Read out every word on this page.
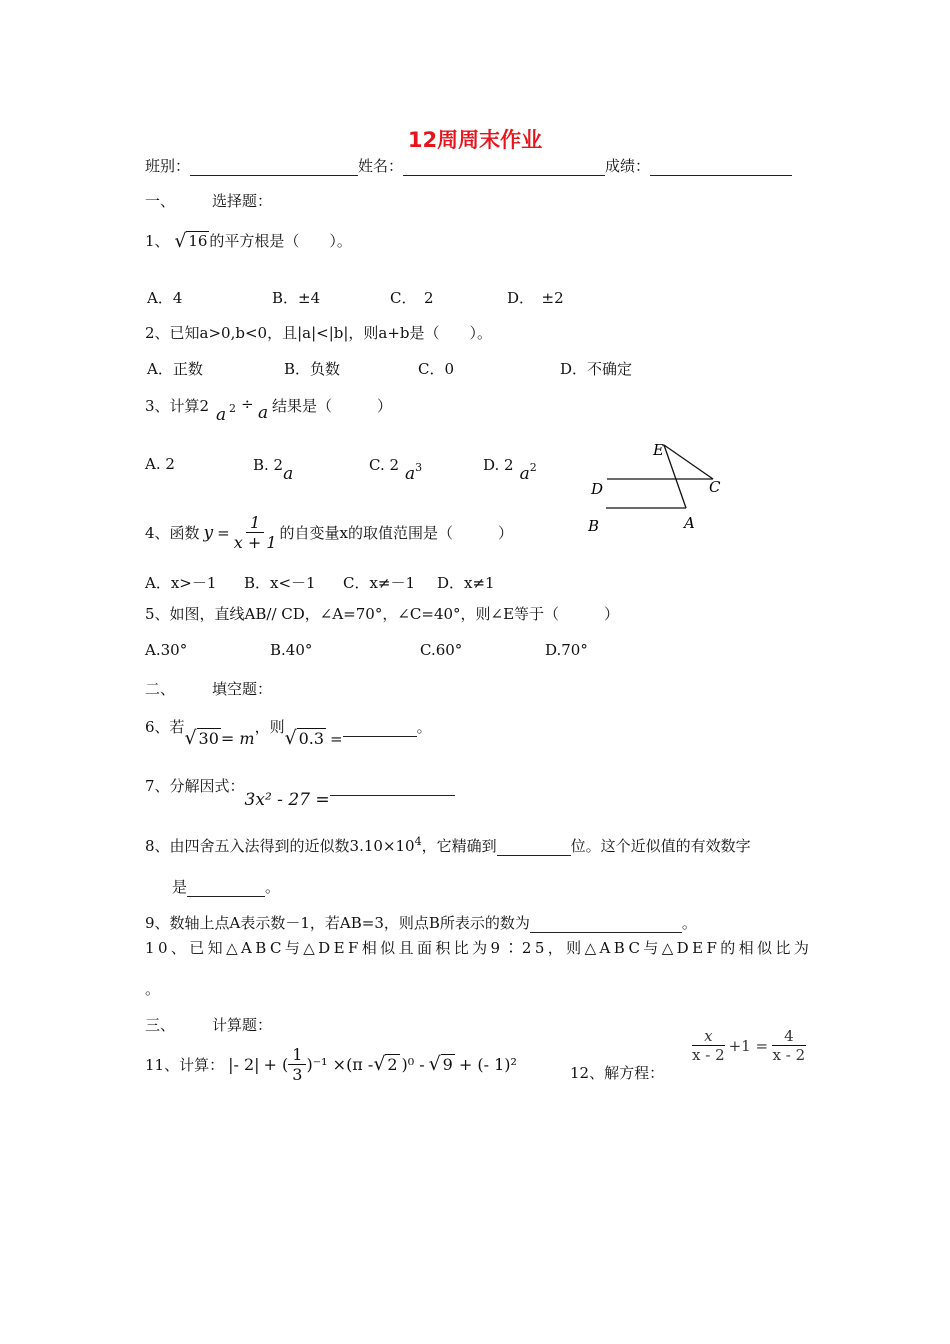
12周周末作业
班别：	姓名：	成绩：
一、 选择题：
1、 √ 16 的平方根是（　　）。
A．4	B．±4	C．　2	D．　±2
2、已知a>0,b<0，且|a|<|b|，则a+b是（　　）。
A．正数	B．负数	C．0	D．不确定
3、计算2 a 2 ÷ a 结果是（　　　）
A. 2	B. 2a	C. 2 a3	D. 2 a2
E
D	C
B	A
4、函数 $y = \frac{1}{x + 1}$ 的自变量x的取值范围是（　　　）
A．x>－1 B．x<－1 C．x≠－1 D．x≠1
5、如图，直线AB// CD，∠A=70°，∠C=40°，则∠E等于（　　　）
A.30°	B.40°	C.60°	D.70°
二、 填空题：
6、若 √ 30 = m，则 √ 0.3 =。
7、分解因式：3x² - 27 =
8、由四舍五入法得到的近似数$3.10\times 10^4$，它精确到	位。这个近似值的有效数字
是	。
9、数轴上点A表示数－1，若AB=3，则点B所表示的数为	。
10、已知△ABC与△DEF相似且面积比为9∶25，则△ABC与△DEF的相似比为
。
三、 计算题：
11、计算： |- 2| + ( $\frac{1}{3} )^{-1} \times(\pi$ - √ 2 )⁰ - √ 9 + (- 1)²	12、解方程：
$\frac{x}{x - 2} +1 = \frac{4}{x - 2}$
